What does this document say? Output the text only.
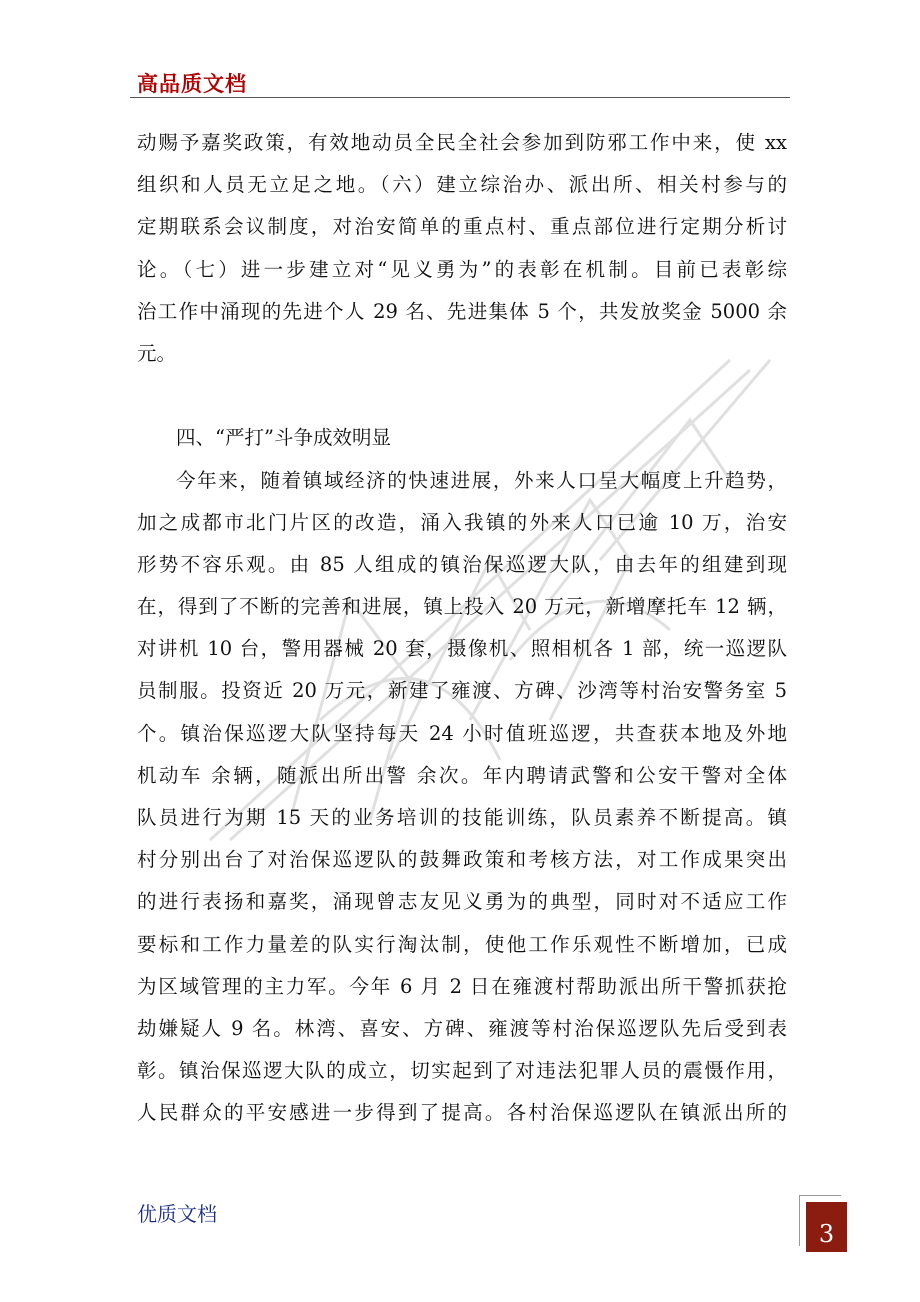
高品质文档
动赐予嘉奖政策，有效地动员全民全社会参加到防邪工作中来，使 xx
组织和人员无立足之地。（六）建立综治办、派出所、相关村参与的
定期联系会议制度，对治安简单的重点村、重点部位进行定期分析讨
论。（七）进一步建立对“见义勇为”的表彰在机制。目前已表彰综
治工作中涌现的先进个人 29 名、先进集体 5 个，共发放奖金 5000 余
元。
四、“严打”斗争成效明显
今年来，随着镇域经济的快速进展，外来人口呈大幅度上升趋势，
加之成都市北门片区的改造，涌入我镇的外来人口已逾 10 万，治安
形势不容乐观。由 85 人组成的镇治保巡逻大队，由去年的组建到现
在，得到了不断的完善和进展，镇上投入 20 万元，新增摩托车 12 辆，
对讲机 10 台，警用器械 20 套，摄像机、照相机各 1 部，统一巡逻队
员制服。投资近 20 万元，新建了雍渡、方碑、沙湾等村治安警务室 5
个。镇治保巡逻大队坚持每天 24 小时值班巡逻，共查获本地及外地
机动车 余辆，随派出所出警 余次。年内聘请武警和公安干警对全体
队员进行为期 15 天的业务培训的技能训练，队员素养不断提高。镇
村分别出台了对治保巡逻队的鼓舞政策和考核方法，对工作成果突出
的进行表扬和嘉奖，涌现曾志友见义勇为的典型，同时对不适应工作
要标和工作力量差的队实行淘汰制，使他工作乐观性不断增加，已成
为区域管理的主力军。今年 6 月 2 日在雍渡村帮助派出所干警抓获抢
劫嫌疑人 9 名。林湾、喜安、方碑、雍渡等村治保巡逻队先后受到表
彰。镇治保巡逻大队的成立，切实起到了对违法犯罪人员的震慑作用，
人民群众的平安感进一步得到了提高。各村治保巡逻队在镇派出所的
优质文档
3
